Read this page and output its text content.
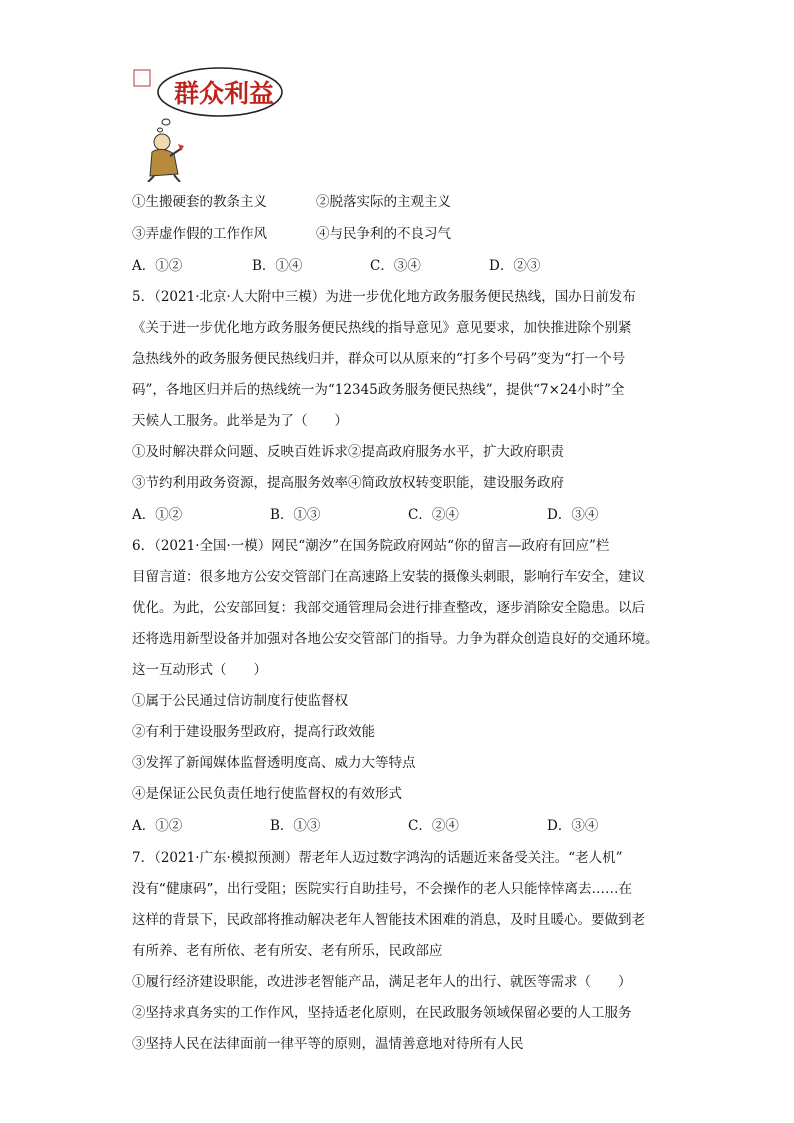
群众利益
①生搬硬套的教条主义	②脱落实际的主观主义
③弄虚作假的工作作风	④与民争利的不良习气
A．①②	B．①④	C．③④	D．②③
5．（2021·北京·人大附中三模）为进一步优化地方政务服务便民热线，国办日前发布
《关于进一步优化地方政务服务便民热线的指导意见》意见要求，加快推进除个别紧
急热线外的政务服务便民热线归并，群众可以从原来的“打多个号码”变为“打一个号
码”，各地区归并后的热线统一为“12345政务服务便民热线”，提供“7×24小时”全
天候人工服务。此举是为了（　　）
①及时解决群众问题、反映百姓诉求②提高政府服务水平，扩大政府职责
③节约利用政务资源，提高服务效率④简政放权转变职能，建设服务政府
A．①②	B．①③	C．②④	D．③④
6．（2021·全国·一模）网民“潮汐”在国务院政府网站“你的留言—政府有回应”栏
目留言道：很多地方公安交管部门在高速路上安装的摄像头刺眼，影响行车安全，建议
优化。为此，公安部回复：我部交通管理局会进行排查整改，逐步消除安全隐患。以后
还将选用新型设备并加强对各地公安交管部门的指导。力争为群众创造良好的交通环境。
这一互动形式（　　）
①属于公民通过信访制度行使监督权
②有利于建设服务型政府，提高行政效能
③发挥了新闻媒体监督透明度高、威力大等特点
④是保证公民负责任地行使监督权的有效形式
A．①②	B．①③	C．②④	D．③④
7．（2021·广东·模拟预测）帮老年人迈过数字鸿沟的话题近来备受关注。“老人机”
没有“健康码”，出行受阻；医院实行自助挂号，不会操作的老人只能悻悻离去……在
这样的背景下，民政部将推动解决老年人智能技术困难的消息，及时且暖心。要做到老
有所养、老有所依、老有所安、老有所乐，民政部应
①履行经济建设职能，改进涉老智能产品，满足老年人的出行、就医等需求（　　）
②坚持求真务实的工作作风，坚持适老化原则，在民政服务领域保留必要的人工服务
③坚持人民在法律面前一律平等的原则，温情善意地对待所有人民
